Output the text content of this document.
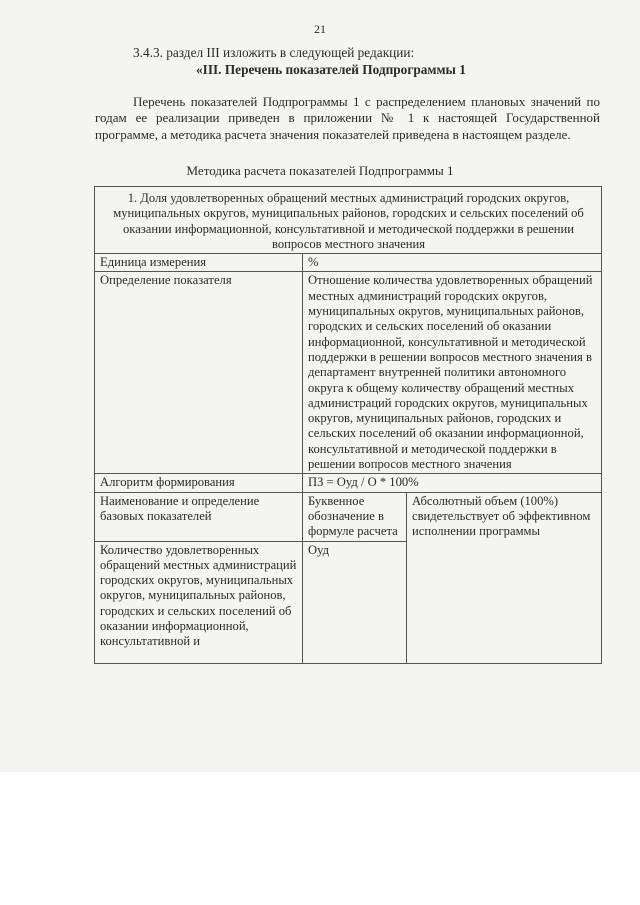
21
3.4.3. раздел III изложить в следующей редакции:
«III. Перечень показателей Подпрограммы 1

Перечень показателей Подпрограммы 1 с распределением плановых значений по годам ее реализации приведен в приложении № 1 к настоящей Государственной программе, а методика расчета значения показателей приведена в настоящем разделе.

Методика расчета показателей Подпрограммы 1
1. Доля удовлетворенных обращений местных администраций городских округов, муниципальных округов, муниципальных районов, городских и сельских поселений об оказании информационной, консультативной и методической поддержки в решении вопросов местного значения		
Единица измерения	%	
Определение показателя	Отношение количества удовлетворенных обращений местных администраций городских округов, муниципальных округов, муниципальных районов, городских и сельских поселений об оказании информационной, консультативной и методической поддержки в решении вопросов местного значения в департамент внутренней политики автономного округа к общему количеству обращений местных администраций городских округов, муниципальных округов, муниципальных районов, городских и сельских поселений об оказании информационной, консультативной и методической поддержки в решении вопросов местного значения	
Алгоритм формирования	ПЗ = Оуд / О * 100%	
Наименование и определение базовых показателей	Буквенное обозначение в формуле расчета	Абсолютный объем (100%) свидетельствует об эффективном исполнении программы

Количество удовлетворенных обращений местных администраций городских округов, муниципальных округов, муниципальных районов, городских и сельских поселений об оказании информационной, консультативной и	Оуд	
